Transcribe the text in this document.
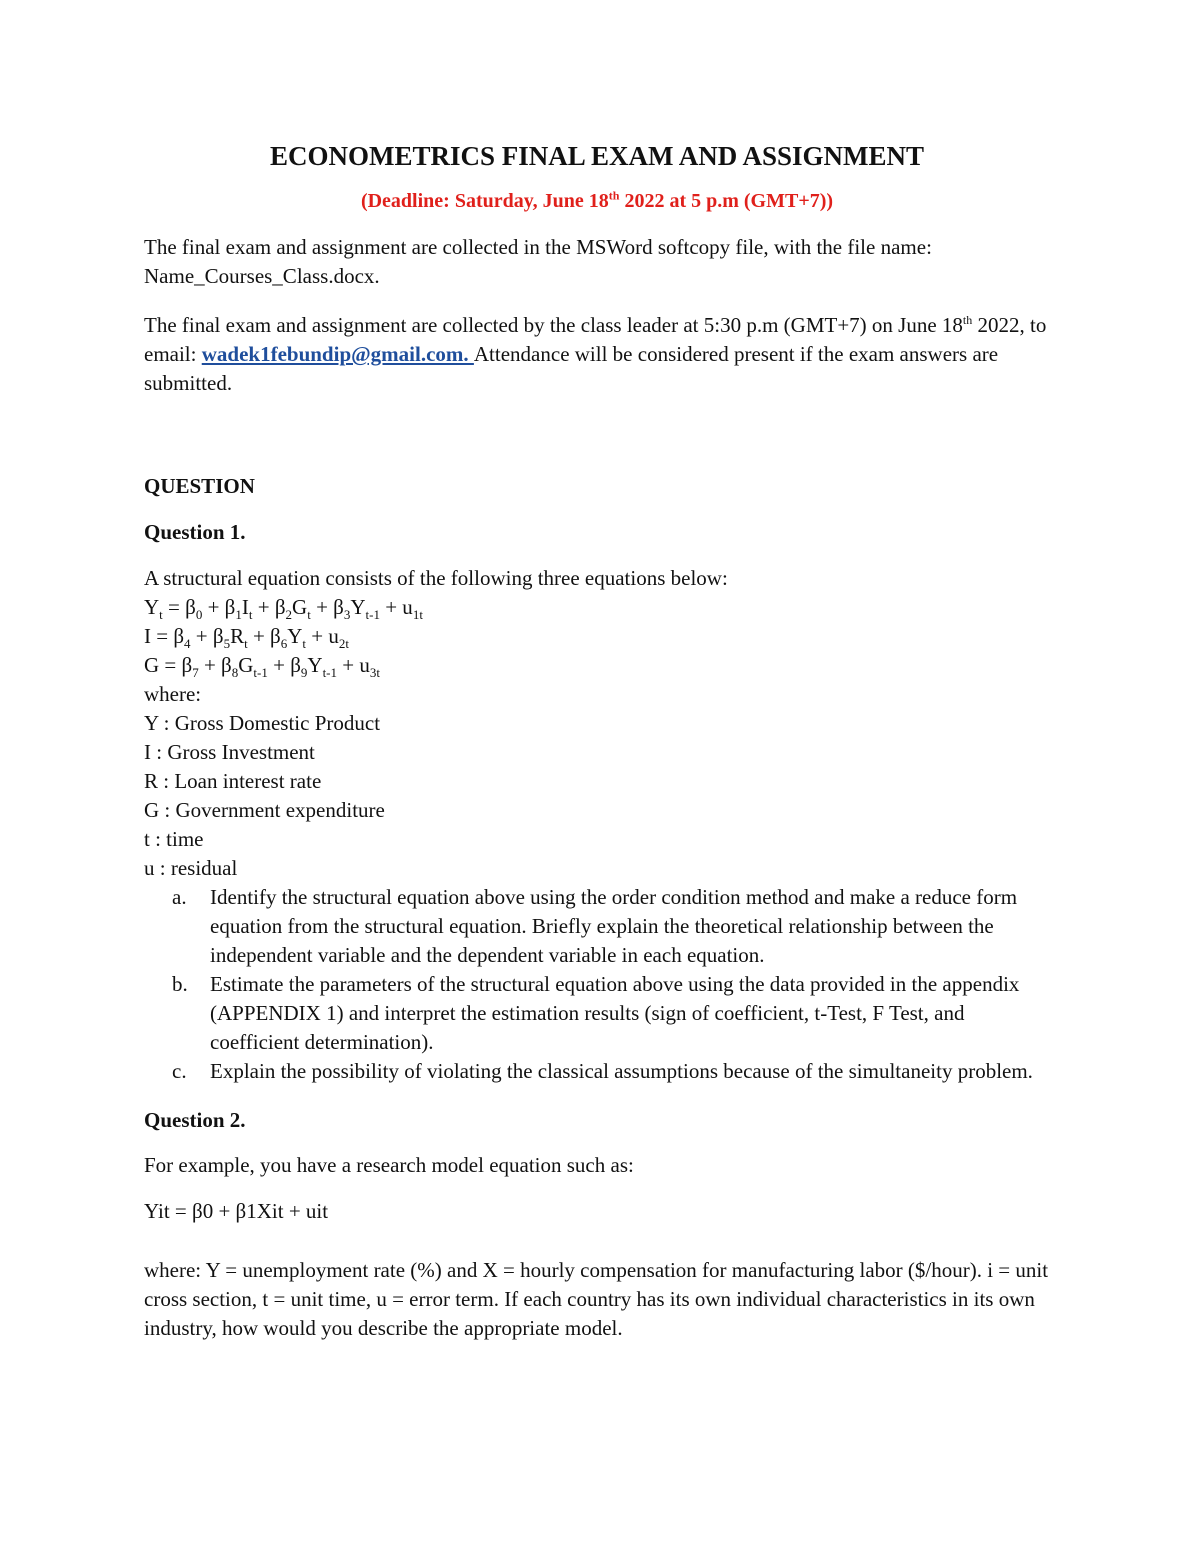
ECONOMETRICS FINAL EXAM AND ASSIGNMENT

(Deadline: Saturday, June 18th 2022 at 5 p.m (GMT+7))

The final exam and assignment are collected in the MSWord softcopy file, with the file name: Name_Courses_Class.docx.

The final exam and assignment are collected by the class leader at 5:30 p.m (GMT+7) on June 18th 2022, to email: wadek1febundip@gmail.com. Attendance will be considered present if the exam answers are submitted.

QUESTION
Question 1.
A structural equation consists of the following three equations below:
$Y_t = \beta_0 + \beta_1I_t + \beta_2G_t + \beta_3Y_{t-1} + u_{1t}$
$I = \beta_4 + \beta_5R_t + \beta_6Y_t + u_{2t}$
$G = \beta_7 + \beta_8G_{t-1} + \beta_9Y_{t-1} + u_{3t}$
where:
Y : Gross Domestic Product
I : Gross Investment
R : Loan interest rate
G : Government expenditure
t : time
u : residual
a. Identify the structural equation above using the order condition method and make a reduce form equation from the structural equation. Briefly explain the theoretical relationship between the independent variable and the dependent variable in each equation.
b. Estimate the parameters of the structural equation above using the data provided in the appendix (APPENDIX 1) and interpret the estimation results (sign of coefficient, t-Test, F Test, and coefficient determination).
c. Explain the possibility of violating the classical assumptions because of the simultaneity problem.
Question 2.

For example, you have a research model equation such as:

Yit = β0 + β1Xit + uit

where: Y = unemployment rate (%) and X = hourly compensation for manufacturing labor ($/hour). i = unit cross section, t = unit time, u = error term. If each country has its own individual characteristics in its own industry, how would you describe the appropriate model.
